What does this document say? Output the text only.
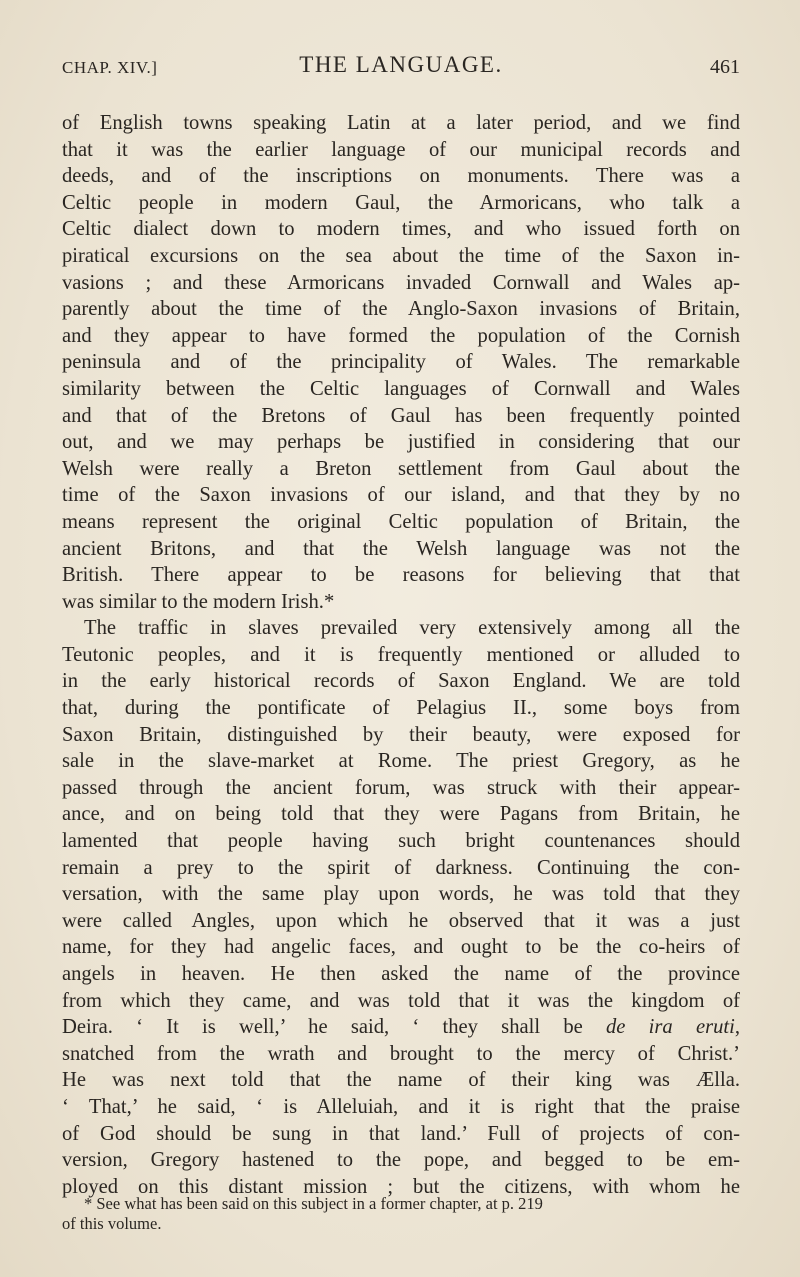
CHAP. XIV.]	THE LANGUAGE.	461
of English towns speaking Latin at a later period, and we find
that it was the earlier language of our municipal records and
deeds, and of the inscriptions on monuments. There was a
Celtic people in modern Gaul, the Armoricans, who talk a
Celtic dialect down to modern times, and who issued forth on
piratical excursions on the sea about the time of the Saxon in-
vasions ; and these Armoricans invaded Cornwall and Wales ap-
parently about the time of the Anglo-Saxon invasions of Britain,
and they appear to have formed the population of the Cornish
peninsula and of the principality of Wales. The remarkable
similarity between the Celtic languages of Cornwall and Wales
and that of the Bretons of Gaul has been frequently pointed
out, and we may perhaps be justified in considering that our
Welsh were really a Breton settlement from Gaul about the
time of the Saxon invasions of our island, and that they by no
means represent the original Celtic population of Britain, the
ancient Britons, and that the Welsh language was not the
British. There appear to be reasons for believing that that
was similar to the modern Irish.*
The traffic in slaves prevailed very extensively among all the
Teutonic peoples, and it is frequently mentioned or alluded to
in the early historical records of Saxon England. We are told
that, during the pontificate of Pelagius II., some boys from
Saxon Britain, distinguished by their beauty, were exposed for
sale in the slave-market at Rome. The priest Gregory, as he
passed through the ancient forum, was struck with their appear-
ance, and on being told that they were Pagans from Britain, he
lamented that people having such bright countenances should
remain a prey to the spirit of darkness. Continuing the con-
versation, with the same play upon words, he was told that they
were called Angles, upon which he observed that it was a just
name, for they had angelic faces, and ought to be the co-heirs of
angels in heaven. He then asked the name of the province
from which they came, and was told that it was the kingdom of
Deira. ‘ It is well,’ he said, ‘ they shall be de ira eruti,
snatched from the wrath and brought to the mercy of Christ.’
He was next told that the name of their king was Ælla.
‘ That,’ he said, ‘ is Alleluiah, and it is right that the praise
of God should be sung in that land.’ Full of projects of con-
version, Gregory hastened to the pope, and begged to be em-
ployed on this distant mission ; but the citizens, with whom he
* See what has been said on this subject in a former chapter, at p. 219
of this volume.
